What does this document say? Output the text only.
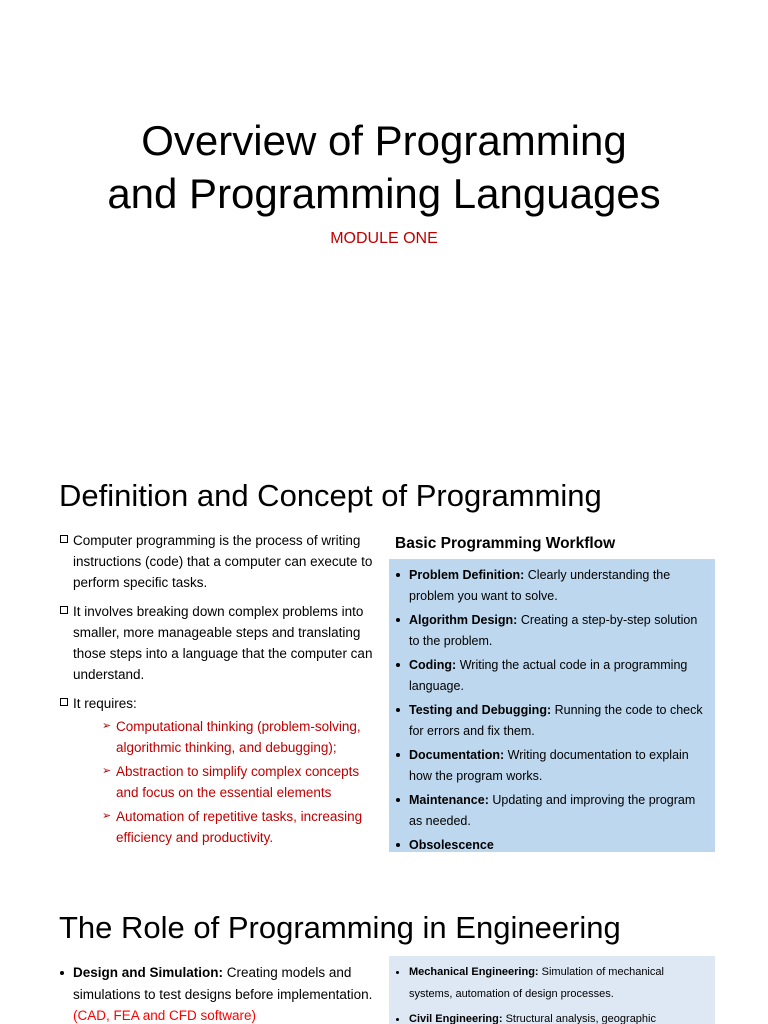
Overview of Programming
and Programming Languages
MODULE ONE
Definition and Concept of Programming
Computer programming is the process of writing instructions (code) that a computer can execute to perform specific tasks.
It involves breaking down complex problems into smaller, more manageable steps and translating those steps into a language that the computer can understand.
It requires:
➢ Computational thinking (problem-solving, algorithmic thinking, and debugging);
➢ Abstraction to simplify complex concepts and focus on the essential elements
➢ Automation of repetitive tasks, increasing efficiency and productivity.
Basic Programming Workflow
Problem Definition: Clearly understanding the problem you want to solve.
Algorithm Design: Creating a step-by-step solution to the problem.
Coding: Writing the actual code in a programming language.
Testing and Debugging: Running the code to check for errors and fix them.
Documentation: Writing documentation to explain how the program works.
Maintenance: Updating and improving the program as needed.
Obsolescence
The Role of Programming in Engineering
Design and Simulation: Creating models and simulations to test designs before implementation. (CAD, FEA and CFD software)
Mechanical Engineering: Simulation of mechanical systems, automation of design processes.
Civil Engineering: Structural analysis, geographic
